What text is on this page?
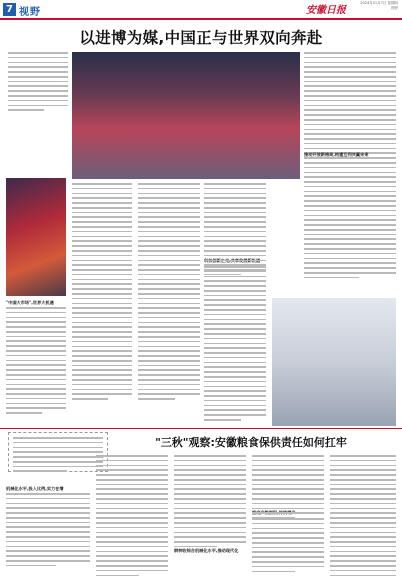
7 视野	安徽日报
2024年11月7日 星期四
视野
以进博为媒,中国正与世界双向奔赴
"中国大市场",世界大机遇
推动开放新格局,构建互利共赢未来
"三秋"观察:安徽粮食保供责任如何扛牢
机械化水平,投入比例,实力在增
耕种收综合机械化水平,推动现代化
